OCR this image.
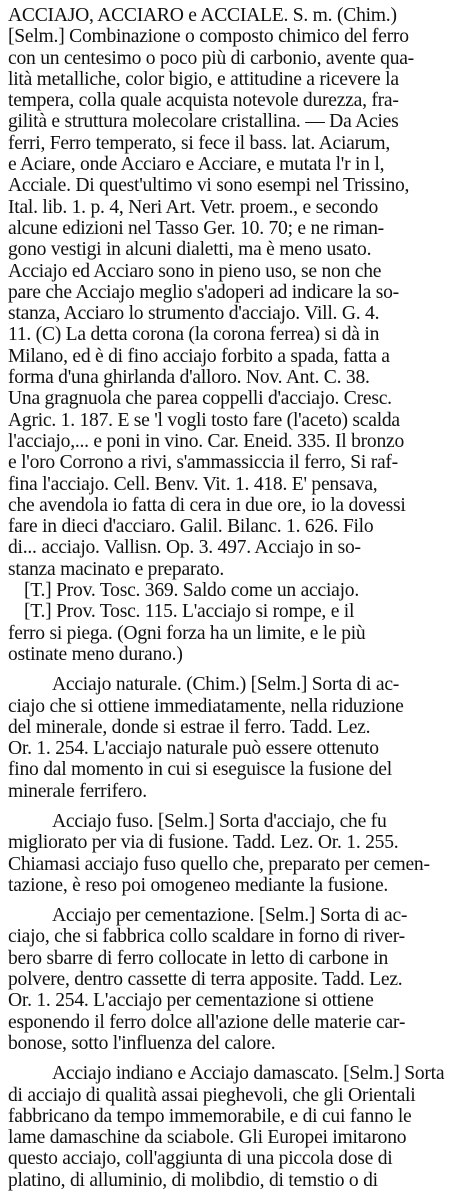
ACCIAJO, ACCIARO e ACCIALE. S. m. (Chim.)
[Selm.] Combinazione o composto chimico del ferro
con un centesimo o poco più di carbonio, avente qua-
lità metalliche, color bigio, e attitudine a ricevere la
tempera, colla quale acquista notevole durezza, fra-
gilità e struttura molecolare cristallina. — Da Acies
ferri, Ferro temperato, si fece il bass. lat. Aciarum,
e Aciare, onde Acciaro e Acciare, e mutata l'r in l,
Acciale. Di quest'ultimo vi sono esempi nel Trissino,
Ital. lib. 1. p. 4, Neri Art. Vetr. proem., e secondo
alcune edizioni nel Tasso Ger. 10. 70; e ne riman-
gono vestigi in alcuni dialetti, ma è meno usato.
Acciajo ed Acciaro sono in pieno uso, se non che
pare che Acciajo meglio s'adoperi ad indicare la so-
stanza, Acciaro lo strumento d'acciajo. Vill. G. 4.
11. (C) La detta corona (la corona ferrea) si dà in
Milano, ed è di fino acciajo forbito a spada, fatta a
forma d'una ghirlanda d'alloro. Nov. Ant. C. 38.
Una gragnuola che parea coppelli d'acciajo. Cresc.
Agric. 1. 187. E se 'l vogli tosto fare (l'aceto) scalda
l'acciajo,... e poni in vino. Car. Eneid. 335. Il bronzo
e l'oro Corrono a rivi, s'ammassiccia il ferro, Si raf-
fina l'acciajo. Cell. Benv. Vit. 1. 418. E' pensava,
che avendola io fatta di cera in due ore, io la dovessi
fare in dieci d'acciaro. Galil. Bilanc. 1. 626. Filo
di... acciajo. Vallisn. Op. 3. 497. Acciajo in so-
stanza macinato e preparato.
[T.] Prov. Tosc. 369. Saldo come un acciajo.
[T.] Prov. Tosc. 115. L'acciajo si rompe, e il
ferro si piega. (Ogni forza ha un limite, e le più
ostinate meno durano.)
Acciajo naturale. (Chim.) [Selm.] Sorta di ac-
ciajo che si ottiene immediatamente, nella riduzione
del minerale, donde si estrae il ferro. Tadd. Lez.
Or. 1. 254. L'acciajo naturale può essere ottenuto
fino dal momento in cui si eseguisce la fusione del
minerale ferrifero.
Acciajo fuso. [Selm.] Sorta d'acciajo, che fu
migliorato per via di fusione. Tadd. Lez. Or. 1. 255.
Chiamasi acciajo fuso quello che, preparato per cemen-
tazione, è reso poi omogeneo mediante la fusione.
Acciajo per cementazione. [Selm.] Sorta di ac-
ciajo, che si fabbrica collo scaldare in forno di river-
bero sbarre di ferro collocate in letto di carbone in
polvere, dentro cassette di terra apposite. Tadd. Lez.
Or. 1. 254. L'acciajo per cementazione si ottiene
esponendo il ferro dolce all'azione delle materie car-
bonose, sotto l'influenza del calore.
Acciajo indiano e Acciajo damascato. [Selm.] Sorta
di acciajo di qualità assai pieghevoli, che gli Orientali
fabbricano da tempo immemorabile, e di cui fanno le
lame damaschine da sciabole. Gli Europei imitarono
questo acciajo, coll'aggiunta di una piccola dose di
platino, di alluminio, di molibdio, di temstio o di
